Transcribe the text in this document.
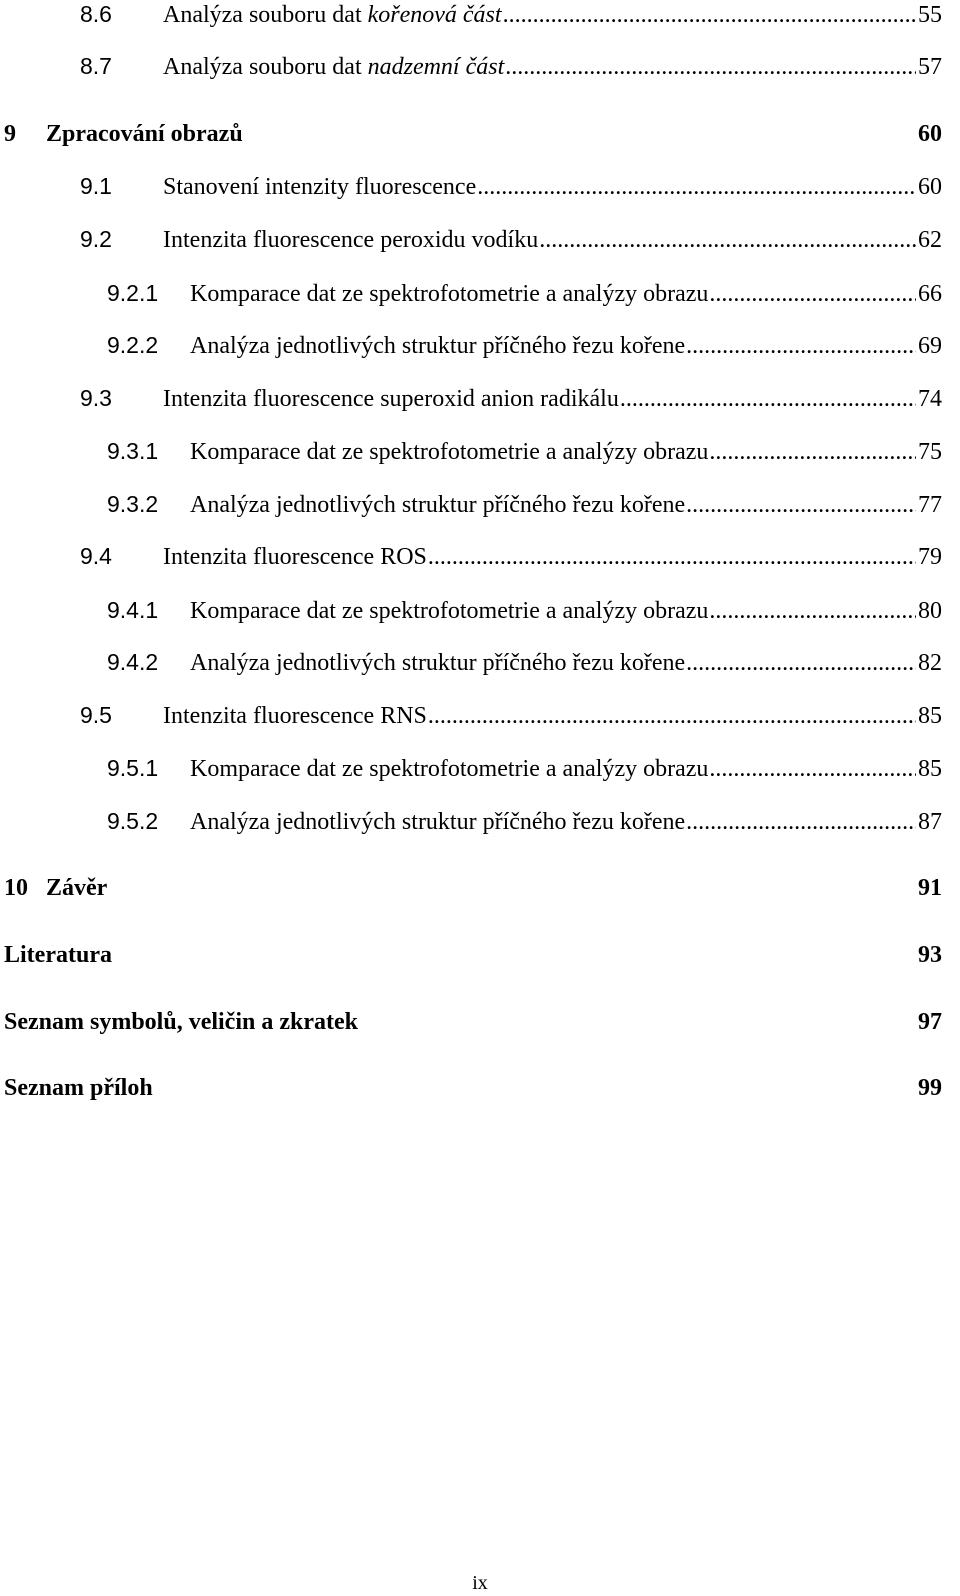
8.6	Analýza souboru dat kořenová část .....	55
8.7	Analýza souboru dat nadzemní část .....	57
9	Zpracování obrazů	60
9.1	Stanovení intenzity fluorescence .....	60
9.2	Intenzita fluorescence peroxidu vodíku .....	62
9.2.1	Komparace dat ze spektrofotometrie a analýzy obrazu .....	66
9.2.2	Analýza jednotlivých struktur příčného řezu kořene .....	69
9.3	Intenzita fluorescence superoxid anion radikálu .....	74
9.3.1	Komparace dat ze spektrofotometrie a analýzy obrazu .....	75
9.3.2	Analýza jednotlivých struktur příčného řezu kořene .....	77
9.4	Intenzita fluorescence ROS .....	79
9.4.1	Komparace dat ze spektrofotometrie a analýzy obrazu .....	80
9.4.2	Analýza jednotlivých struktur příčného řezu kořene .....	82
9.5	Intenzita fluorescence RNS .....	85
9.5.1	Komparace dat ze spektrofotometrie a analýzy obrazu .....	85
9.5.2	Analýza jednotlivých struktur příčného řezu kořene .....	87
10 Závěr	91
Literatura	93
Seznam symbolů, veličin a zkratek	97
Seznam příloh	99
ix
